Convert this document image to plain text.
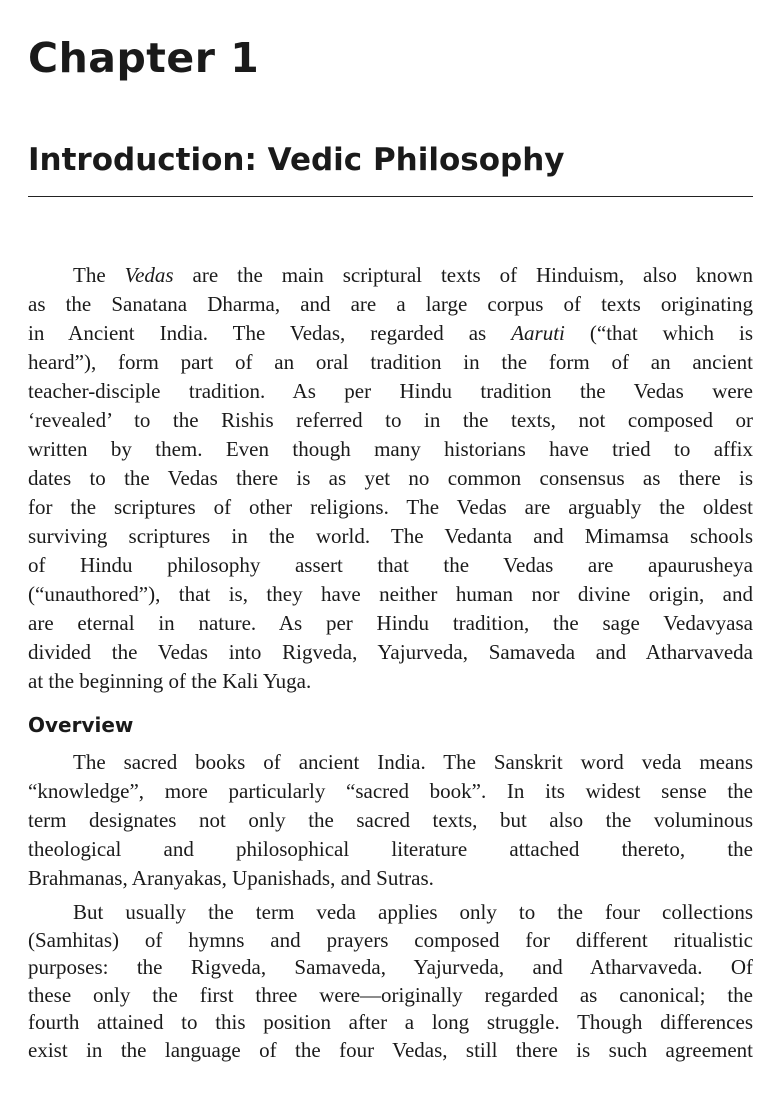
Chapter 1
Introduction: Vedic Philosophy
The Vedas are the main scriptural texts of Hinduism, also known
as the Sanatana Dharma, and are a large corpus of texts originating
in Ancient India. The Vedas, regarded as Aaruti (“that which is
heard”), form part of an oral tradition in the form of an ancient
teacher-disciple tradition. As per Hindu tradition the Vedas were
‘revealed’ to the Rishis referred to in the texts, not composed or
written by them. Even though many historians have tried to affix
dates to the Vedas there is as yet no common consensus as there is
for the scriptures of other religions. The Vedas are arguably the oldest
surviving scriptures in the world. The Vedanta and Mimamsa schools
of Hindu philosophy assert that the Vedas are apaurusheya
(“unauthored”), that is, they have neither human nor divine origin, and
are eternal in nature. As per Hindu tradition, the sage Vedavyasa
divided the Vedas into Rigveda, Yajurveda, Samaveda and Atharvaveda
at the beginning of the Kali Yuga.
Overview
The sacred books of ancient India. The Sanskrit word veda means
“knowledge”, more particularly “sacred book”. In its widest sense the
term designates not only the sacred texts, but also the voluminous
theological and philosophical literature attached thereto, the
Brahmanas, Aranyakas, Upanishads, and Sutras.
But usually the term veda applies only to the four collections
(Samhitas) of hymns and prayers composed for different ritualistic
purposes: the Rigveda, Samaveda, Yajurveda, and Atharvaveda. Of
these only the first three were—originally regarded as canonical; the
fourth attained to this position after a long struggle. Though differences
exist in the language of the four Vedas, still there is such agreement
